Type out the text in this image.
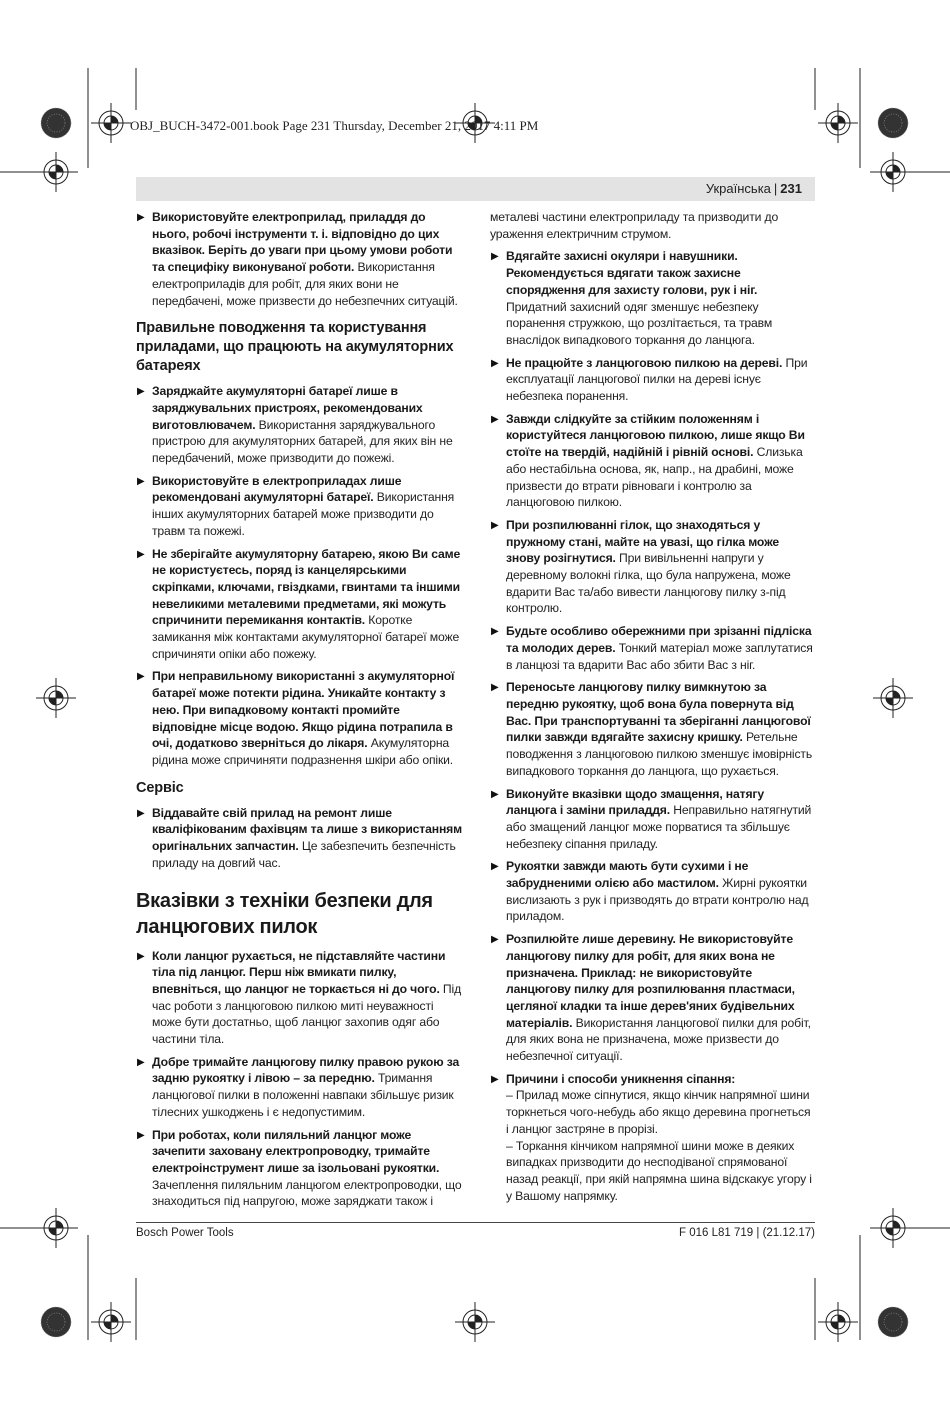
OBJ_BUCH-3472-001.book Page 231 Thursday, December 21, 2017 4:11 PM
Українська | 231
▶ Використовуйте електроприлад, приладдя до нього, робочі інструменти т. і. відповідно до цих вказівок. Беріть до уваги при цьому умови роботи та специфіку виконуваної роботи. Використання електроприладів для робіт, для яких вони не передбачені, може призвести до небезпечних ситуацій.
Правильне поводження та користування приладами, що працюють на акумуляторних батареях
▶ Заряджайте акумуляторні батареї лише в заряджувальних пристроях, рекомендованих виготовлювачем. Використання заряджувального пристрою для акумуляторних батарей, для яких він не передбачений, може призводити до пожежі.
▶ Використовуйте в електроприладах лише рекомендовані акумуляторні батареї. Використання інших акумуляторних батарей може призводити до травм та пожежі.
▶ Не зберігайте акумуляторну батарею, якою Ви саме не користуєтесь, поряд із канцелярськими скріпками, ключами, гвіздками, гвинтами та іншими невеликими металевими предметами, які можуть спричинити перемикання контактів. Коротке замикання між контактами акумуляторної батареї може спричиняти опіки або пожежу.
▶ При неправильному використанні з акумуляторної батареї може потекти рідина. Уникайте контакту з нею. При випадковому контакті промийте відповідне місце водою. Якщо рідина потрапила в очі, додатково зверніться до лікаря. Акумуляторна рідина може спричиняти подразнення шкіри або опіки.
Сервіс
▶ Віддавайте свій прилад на ремонт лише кваліфікованим фахівцям та лише з використанням оригінальних запчастин. Це забезпечить безпечність приладу на довгий час.
Вказівки з техніки безпеки для ланцюгових пилок
▶ Коли ланцюг рухається, не підставляйте частини тіла під ланцюг. Перш ніж вмикати пилку, впевніться, що ланцюг не торкається ні до чого. Під час роботи з ланцюговою пилкою миті неуважності може бути достатньо, щоб ланцюг захопив одяг або частини тіла.
▶ Добре тримайте ланцюгову пилку правою рукою за задню рукоятку і лівою – за передню. Тримання ланцюгової пилки в положенні навпаки збільшує ризик тілесних ушкоджень і є недопустимим.
▶ При роботах, коли пиляльний ланцюг може зачепити заховану електропроводку, тримайте електроінструмент лише за ізольовані рукоятки. Зачеплення пиляльним ланцюгом електропроводки, що знаходиться під напругою, може заряджати також і
металеві частини електроприладу та призводити до ураження електричним струмом.
▶ Вдягайте захисні окуляри і навушники. Рекомендується вдягати також захисне спорядження для захисту голови, рук і ніг. Придатний захисний одяг зменшує небезпеку поранення стружкою, що розлітається, та травм внаслідок випадкового торкання до ланцюга.
▶ Не працюйте з ланцюговою пилкою на дереві. При експлуатації ланцюгової пилки на дереві існує небезпека поранення.
▶ Завжди слідкуйте за стійким положенням і користуйтеся ланцюговою пилкою, лише якщо Ви стоїте на твердій, надійній і рівній основі. Слизька або нестабільна основа, як, напр., на драбині, може призвести до втрати рівноваги і контролю за ланцюговою пилкою.
▶ При розпилюванні гілок, що знаходяться у пружному стані, майте на увазі, що гілка може знову розігнутися. При вивільненні напруги у деревному волокні гілка, що була напружена, може вдарити Вас та/або вивести ланцюгову пилку з-під контролю.
▶ Будьте особливо обережними при зрізанні підліска та молодих дерев. Тонкий матеріал може заплутатися в ланцюзі та вдарити Вас або збити Вас з ніг.
▶ Переносьте ланцюгову пилку вимкнутою за передню рукоятку, щоб вона була повернута від Вас. При транспортуванні та зберіганні ланцюгової пилки завжди вдягайте захисну кришку. Ретельне поводження з ланцюговою пилкою зменшує імовірність випадкового торкання до ланцюга, що рухається.
▶ Виконуйте вказівки щодо змащення, натягу ланцюга і заміни приладдя. Неправильно натягнутий або змащений ланцюг може порватися та збільшує небезпеку сіпання приладу.
▶ Рукоятки завжди мають бути сухими і не забрудненими олією або мастилом. Жирні рукоятки вислизають з рук і призводять до втрати контролю над приладом.
▶ Розпилюйте лише деревину. Не використовуйте ланцюгову пилку для робіт, для яких вона не призначена. Приклад: не використовуйте ланцюгову пилку для розпилювання пластмаси, цегляної кладки та інше дерев'яних будівельних матеріалів. Використання ланцюгової пилки для робіт, для яких вона не призначена, може призвести до небезпечної ситуації.
▶ Причини і способи уникнення сіпання:
– Прилад може сіпнутися, якщо кінчик напрямної шини торкнеться чого-небудь або якщо деревина прогнеться і ланцюг застряне в прорізі.
– Торкання кінчиком напрямної шини може в деяких випадках призводити до несподіваної спрямованої назад реакції, при якій напрямна шина відскакує угору і у Вашому напрямку.
Bosch Power Tools	F 016 L81 719 | (21.12.17)
